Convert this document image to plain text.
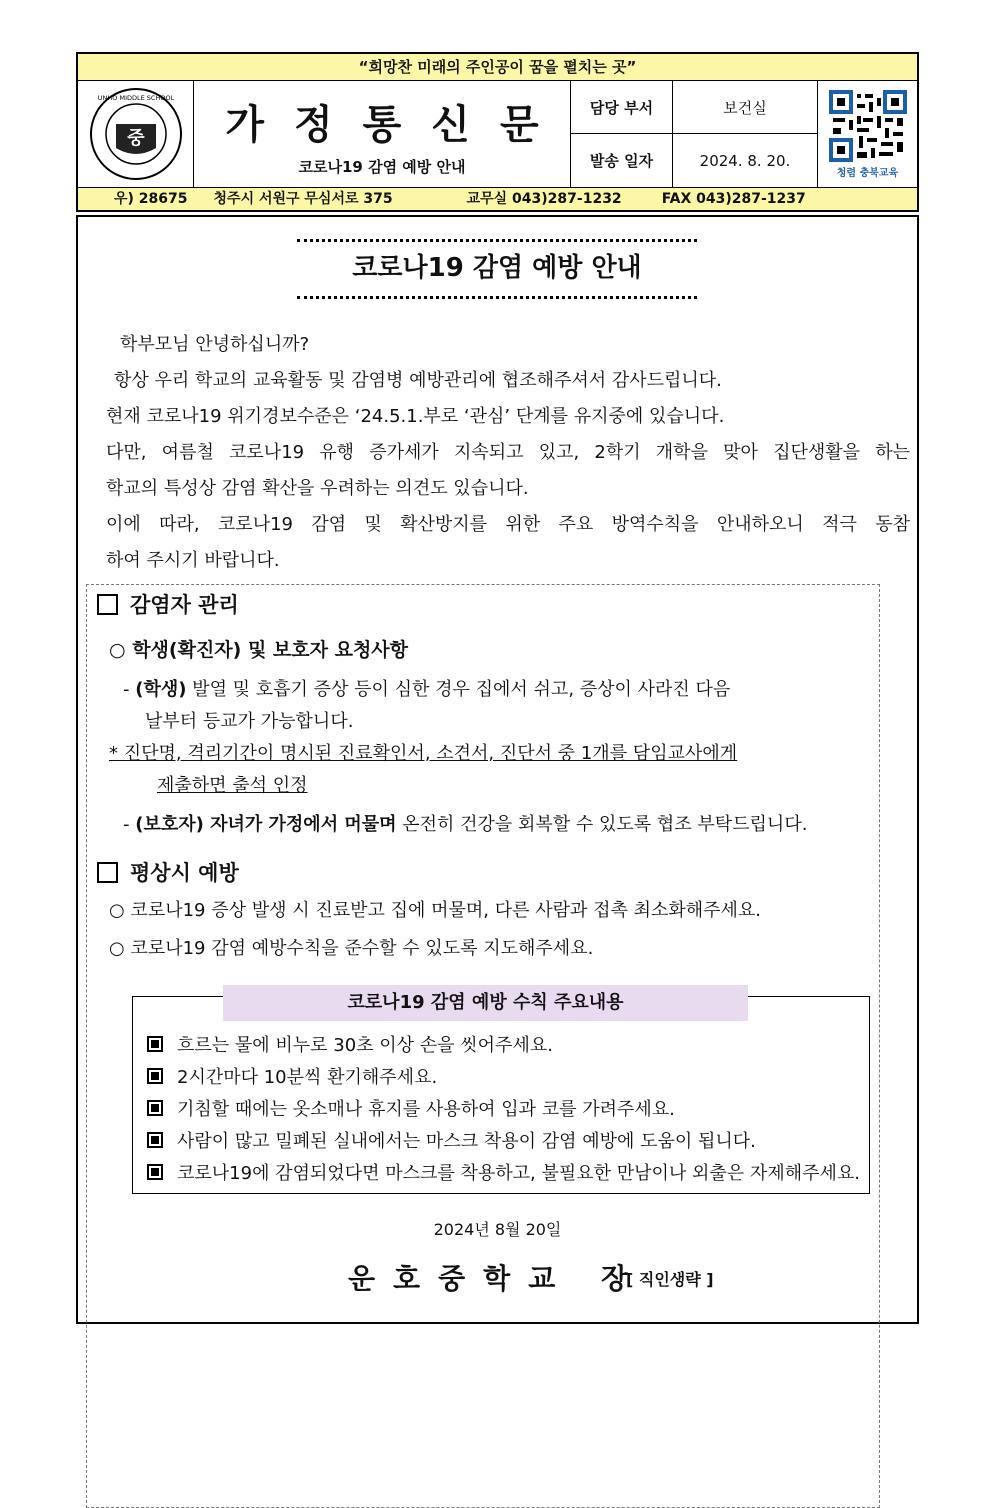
“희망찬 미래의 주인공이 꿈을 펼치는 곳”
중
UNHO MIDDLE SCHOOL
가정통신문
코로나19 감염 예방 안내
담당 부서	보건실
발송 일자	2024. 8. 20.
청렴 충북교육
우) 28675 청주시 서원구 무심서로 375	교무실 043)287-1232	FAX 043)287-1237
코로나19 감염 예방 안내

학부모님 안녕하십니까?

항상 우리 학교의 교육활동 및 감염병 예방관리에 협조해주셔서 감사드립니다.

현재 코로나19 위기경보수준은 ‘24.5.1.부로 ‘관심’ 단계를 유지중에 있습니다.

다만, 여름철 코로나19 유행 증가세가 지속되고 있고, 2학기 개학을 맞아 집단생활을 하는

학교의 특성상 감염 확산을 우려하는 의견도 있습니다.

이에 따라, 코로나19 감염 및 확산방지를 위한 주요 방역수칙을 안내하오니 적극 동참

하여 주시기 바랍니다.

감염자 관리
○ 학생(확진자) 및 보호자 요청사항
- (학생) 발열 및 호흡기 증상 등이 심한 경우 집에서 쉬고, 증상이 사라진 다음
날부터 등교가 가능합니다.
* 진단명, 격리기간이 명시된 진료확인서, 소견서, 진단서 중 1개를 담임교사에게
제출하면 출석 인정
- (보호자) 자녀가 가정에서 머물며 온전히 건강을 회복할 수 있도록 협조 부탁드립니다.
평상시 예방
○ 코로나19 증상 발생 시 진료받고 집에 머물며, 다른 사람과 접촉 최소화해주세요.
○ 코로나19 감염 예방수칙을 준수할 수 있도록 지도해주세요.
코로나19 감염 예방 수칙 주요내용
흐르는 물에 비누로 30초 이상 손을 씻어주세요.
2시간마다 10분씩 환기해주세요.
기침할 때에는 옷소매나 휴지를 사용하여 입과 코를 가려주세요.
사람이 많고 밀폐된 실내에서는 마스크 착용이 감염 예방에 도움이 됩니다.
코로나19에 감염되었다면 마스크를 착용하고, 불필요한 만남이나 외출은 자제해주세요.
2024년 8월 20일
운호중학교 장
[ 직인생략 ]
